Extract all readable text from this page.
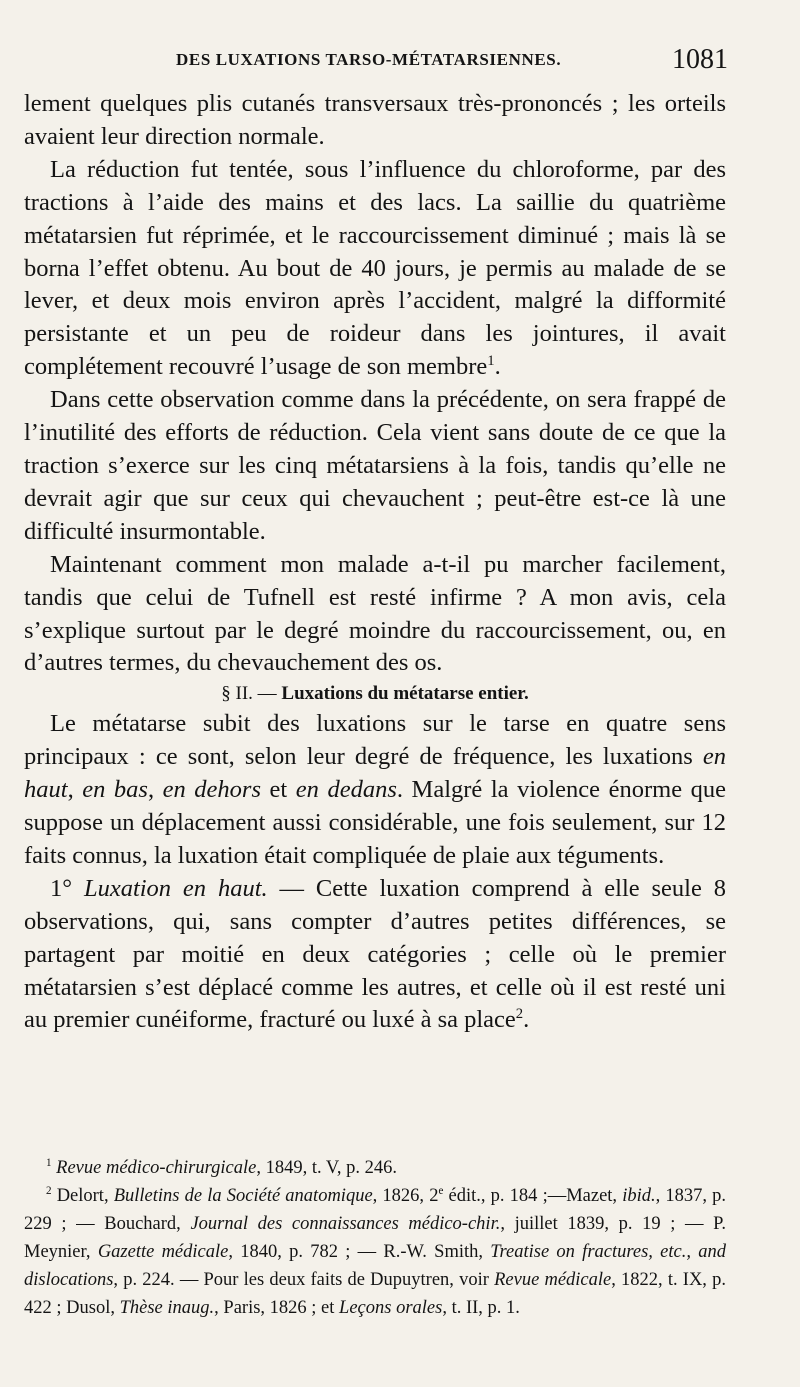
DES LUXATIONS TARSO-MÉTATARSIENNES.	1081

lement quelques plis cutanés transversaux très-prononcés ; les orteils avaient leur direction normale.

La réduction fut tentée, sous l’influence du chloroforme, par des tractions à l’aide des mains et des lacs. La saillie du quatrième métatarsien fut réprimée, et le raccourcissement diminué ; mais là se borna l’effet obtenu. Au bout de 40 jours, je permis au malade de se lever, et deux mois environ après l’accident, malgré la difformité persistante et un peu de roideur dans les jointures, il avait complétement recouvré l’usage de son membre$^1$.

Dans cette observation comme dans la précédente, on sera frappé de l’inutilité des efforts de réduction. Cela vient sans doute de ce que la traction s’exerce sur les cinq métatarsiens à la fois, tandis qu’elle ne devrait agir que sur ceux qui chevauchent ; peut-être est-ce là une difficulté insurmontable.

Maintenant comment mon malade a-t-il pu marcher facilement, tandis que celui de Tufnell est resté infirme ? A mon avis, cela s’explique surtout par le degré moindre du raccourcissement, ou, en d’autres termes, du chevauchement des os.

§ II. — Luxations du métatarse entier.

Le métatarse subit des luxations sur le tarse en quatre sens principaux : ce sont, selon leur degré de fréquence, les luxations en haut, en bas, en dehors et en dedans. Malgré la violence énorme que suppose un déplacement aussi considérable, une fois seulement, sur 12 faits connus, la luxation était compliquée de plaie aux téguments.

1° Luxation en haut. — Cette luxation comprend à elle seule 8 observations, qui, sans compter d’autres petites différences, se partagent par moitié en deux catégories ; celle où le premier métatarsien s’est déplacé comme les autres, et celle où il est resté uni au premier cunéiforme, fracturé ou luxé à sa place$^2$.

$^1$ Revue médico-chirurgicale, 1849, t. V, p. 246.

$^2$ Delort, Bulletins de la Société anatomique, 1826, 2e édit., p. 184 ;—Mazet, ibid., 1837, p. 229 ; — Bouchard, Journal des connaissances médico-chir., juillet 1839, p. 19 ; — P. Meynier, Gazette médicale, 1840, p. 782 ; — R.-W. Smith, Treatise on fractures, etc., and dislocations, p. 224. — Pour les deux faits de Dupuytren, voir Revue médicale, 1822, t. IX, p. 422 ; Dusol, Thèse inaug., Paris, 1826 ; et Leçons orales, t. II, p. 1.
